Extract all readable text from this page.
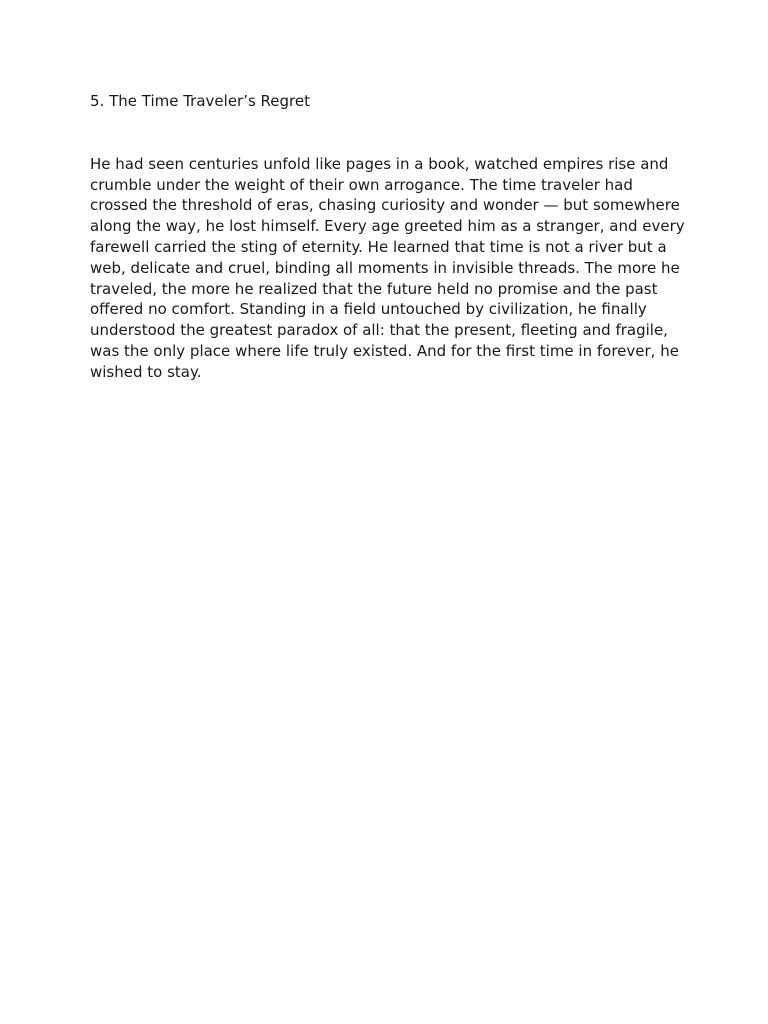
5. The Time Traveler’s Regret

He had seen centuries unfold like pages in a book, watched empires rise and crumble under the weight of their own arrogance. The time traveler had crossed the threshold of eras, chasing curiosity and wonder — but somewhere along the way, he lost himself. Every age greeted him as a stranger, and every farewell carried the sting of eternity. He learned that time is not a river but a web, delicate and cruel, binding all moments in invisible threads. The more he traveled, the more he realized that the future held no promise and the past offered no comfort. Standing in a field untouched by civilization, he finally understood the greatest paradox of all: that the present, fleeting and fragile, was the only place where life truly existed. And for the first time in forever, he wished to stay.
